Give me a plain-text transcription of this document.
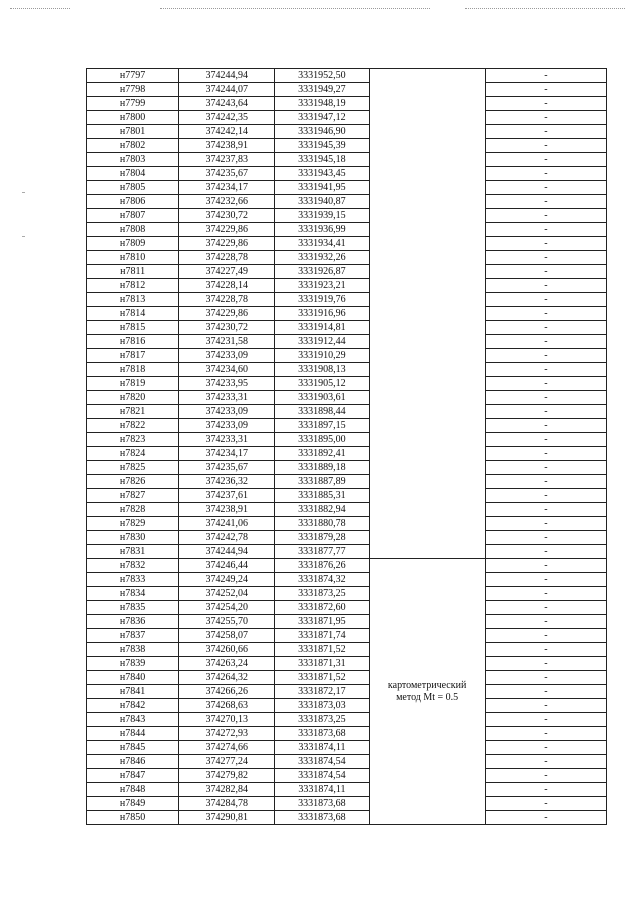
н7797	374244,94	3331952,50		-
н7798	374244,07	3331949,27		-
н7799	374243,64	3331948,19		-
н7800	374242,35	3331947,12		-
н7801	374242,14	3331946,90		-
н7802	374238,91	3331945,39		-
н7803	374237,83	3331945,18		-
н7804	374235,67	3331943,45		-
н7805	374234,17	3331941,95		-
н7806	374232,66	3331940,87		-
н7807	374230,72	3331939,15		-
н7808	374229,86	3331936,99		-
н7809	374229,86	3331934,41		-
н7810	374228,78	3331932,26		-
н7811	374227,49	3331926,87		-
н7812	374228,14	3331923,21		-
н7813	374228,78	3331919,76		-
н7814	374229,86	3331916,96		-
н7815	374230,72	3331914,81		-
н7816	374231,58	3331912,44		-
н7817	374233,09	3331910,29		-
н7818	374234,60	3331908,13		-
н7819	374233,95	3331905,12		-
н7820	374233,31	3331903,61		-
н7821	374233,09	3331898,44		-
н7822	374233,09	3331897,15		-
н7823	374233,31	3331895,00		-
н7824	374234,17	3331892,41		-
н7825	374235,67	3331889,18		-
н7826	374236,32	3331887,89		-
н7827	374237,61	3331885,31		-
н7828	374238,91	3331882,94		-
н7829	374241,06	3331880,78		-
н7830	374242,78	3331879,28		-
н7831	374244,94	3331877,77		-
н7832	374246,44	3331876,26	картометрический метод Mt = 0.5	-
н7833	374249,24	3331874,32		-
н7834	374252,04	3331873,25		-
н7835	374254,20	3331872,60		-
н7836	374255,70	3331871,95		-
н7837	374258,07	3331871,74		-
н7838	374260,66	3331871,52		-
н7839	374263,24	3331871,31		-
н7840	374264,32	3331871,52		-
н7841	374266,26	3331872,17		-
н7842	374268,63	3331873,03		-
н7843	374270,13	3331873,25		-
н7844	374272,93	3331873,68		-
н7845	374274,66	3331874,11		-
н7846	374277,24	3331874,54		-
н7847	374279,82	3331874,54		-
н7848	374282,84	3331874,11		-
н7849	374284,78	3331873,68		-
н7850	374290,81	3331873,68		-
